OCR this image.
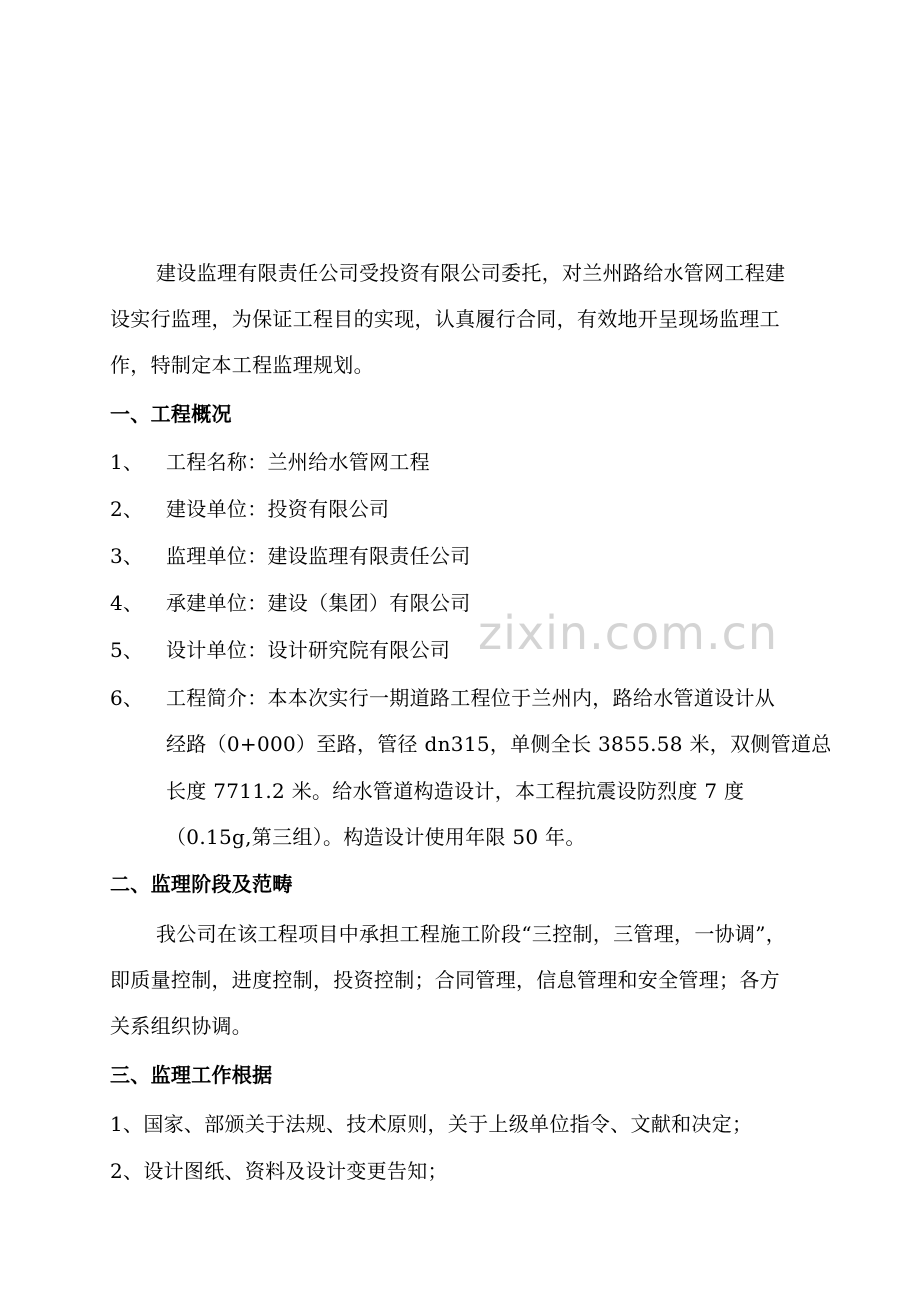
建设监理有限责任公司受投资有限公司委托，对兰州路给水管网工程建
设实行监理，为保证工程目的实现，认真履行合同，有效地开呈现场监理工
作，特制定本工程监理规划。
一、工程概况
1、 工程名称：兰州给水管网工程
2、 建设单位：投资有限公司
3、 监理单位：建设监理有限责任公司
4、 承建单位：建设（集团）有限公司
5、 设计单位：设计研究院有限公司
6、 工程简介：本本次实行一期道路工程位于兰州内，路给水管道设计从
经路（0+000）至路，管径 dn315，单侧全长 3855.58 米，双侧管道总
长度 7711.2 米。给水管道构造设计，本工程抗震设防烈度 7 度
（0.15g,第三组）。构造设计使用年限 50 年。
二、监理阶段及范畴
我公司在该工程项目中承担工程施工阶段“三控制，三管理，一协调”，
即质量控制，进度控制，投资控制；合同管理，信息管理和安全管理；各方
关系组织协调。
三、监理工作根据
1、国家、部颁关于法规、技术原则，关于上级单位指令、文献和决定；
2、设计图纸、资料及设计变更告知；
zixin.com.cn
